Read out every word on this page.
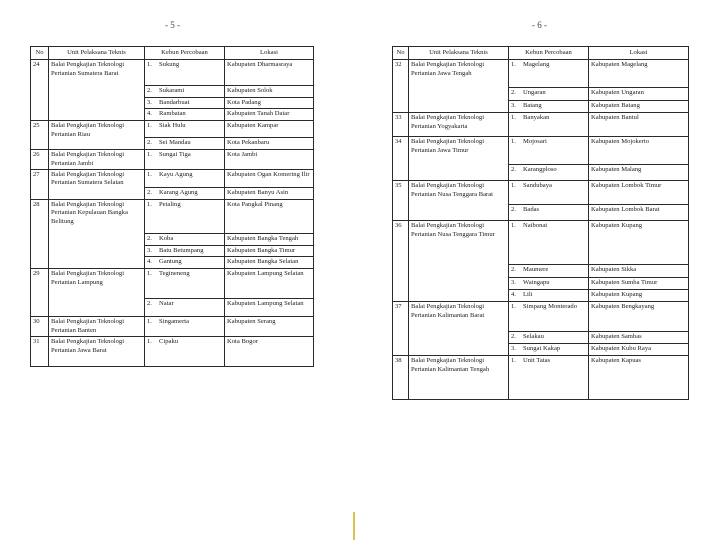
- 5 -
No	Unit Pelaksana Teknis	Kebun Percobaan	Lokasi
24	Balai Pengkajian Teknologi Pertanian Sumatera Barat	1. Sukung	Kabupaten Dharmasraya

		2. Sukarami	Kabupaten Solok

		3. Bandarbuat	Kota Padang

		4. Rambatan	Kabupaten Tanah Datar
25	Balai Pengkajian Teknologi Pertanian Riau	1. Siak Hulu	Kabupaten Kampar

		2. Sei Mandau	Kota Pekanbaru
26	Balai Pengkajian Teknologi Pertanian Jambi	1. Sungai Tiga	Kota Jambi
27	Balai Pengkajian Teknologi Pertanian Sumatera Selatan	1. Kayu Agung	Kabupaten Ogan Komering Ilir

		2. Karang Agung	Kabupaten Banyu Asin
28	Balai Pengkajian Teknologi Pertanian Kepulauan Bangka Belitung	1. Petaling	Kota Pangkal Pinang

		2. Koba	Kabupaten Bangka Tengah

		3. Batu Betumpang	Kabupaten Bangka Timur

		4. Gantung	Kabupaten Bangka Selatan
29	Balai Pengkajian Teknologi Pertanian Lampung	1. Tegineneng	Kabupaten Lampung Selatan

		2. Natar	Kabupaten Lampung Selatan
30	Balai Pengkajian Teknologi Pertanian Banten	1. Singamerta	Kabupaten Serang
31	Balai Pengkajian Teknologi Pertanian Jawa Barat	1. Cipaku	Kota Bogor
- 6 -
No	Unit Pelaksana Teknis	Kebun Percobaan	Lokasi
32	Balai Pengkajian Teknologi Pertanian Jawa Tengah	1. Magelang	Kabupaten Magelang

		2. Ungaran	Kabupaten Ungaran

		3. Batang	Kabupaten Batang
33	Balai Pengkajian Teknologi Pertanian Yogyakarta	1. Banyakan	Kabupaten Bantul
34	Balai Pengkajian Teknologi Pertanian Jawa Timur	1. Mojosari	Kabupaten Mojokerto

		2. Karangploso	Kabupaten Malang
35	Balai Pengkajian Teknologi Pertanian Nusa Tenggara Barat	1. Sandubaya	Kabupaten Lombok Timur

		2. Badas	Kabupaten Lombok Barat
36	Balai Pengkajian Teknologi Pertanian Nusa Tenggara Timur	1. Naibonat	Kabupaten Kupang

		2. Maumere	Kabupaten Sikka

		3. Waingapu	Kabupaten Sumba Timur

		4. Lili	Kabupaten Kupang
37	Balai Pengkajian Teknologi Pertanian Kalimantan Barat	1. Simpang Monterado	Kabupaten Bengkayang

		2. Selakau	Kabupaten Sambas

		3. Sungai Kakap	Kabupaten Kubu Raya
38	Balai Pengkajian Teknologi Pertanian Kalimantan Tengah	1. Unit Tatas	Kabupaten Kapuas
